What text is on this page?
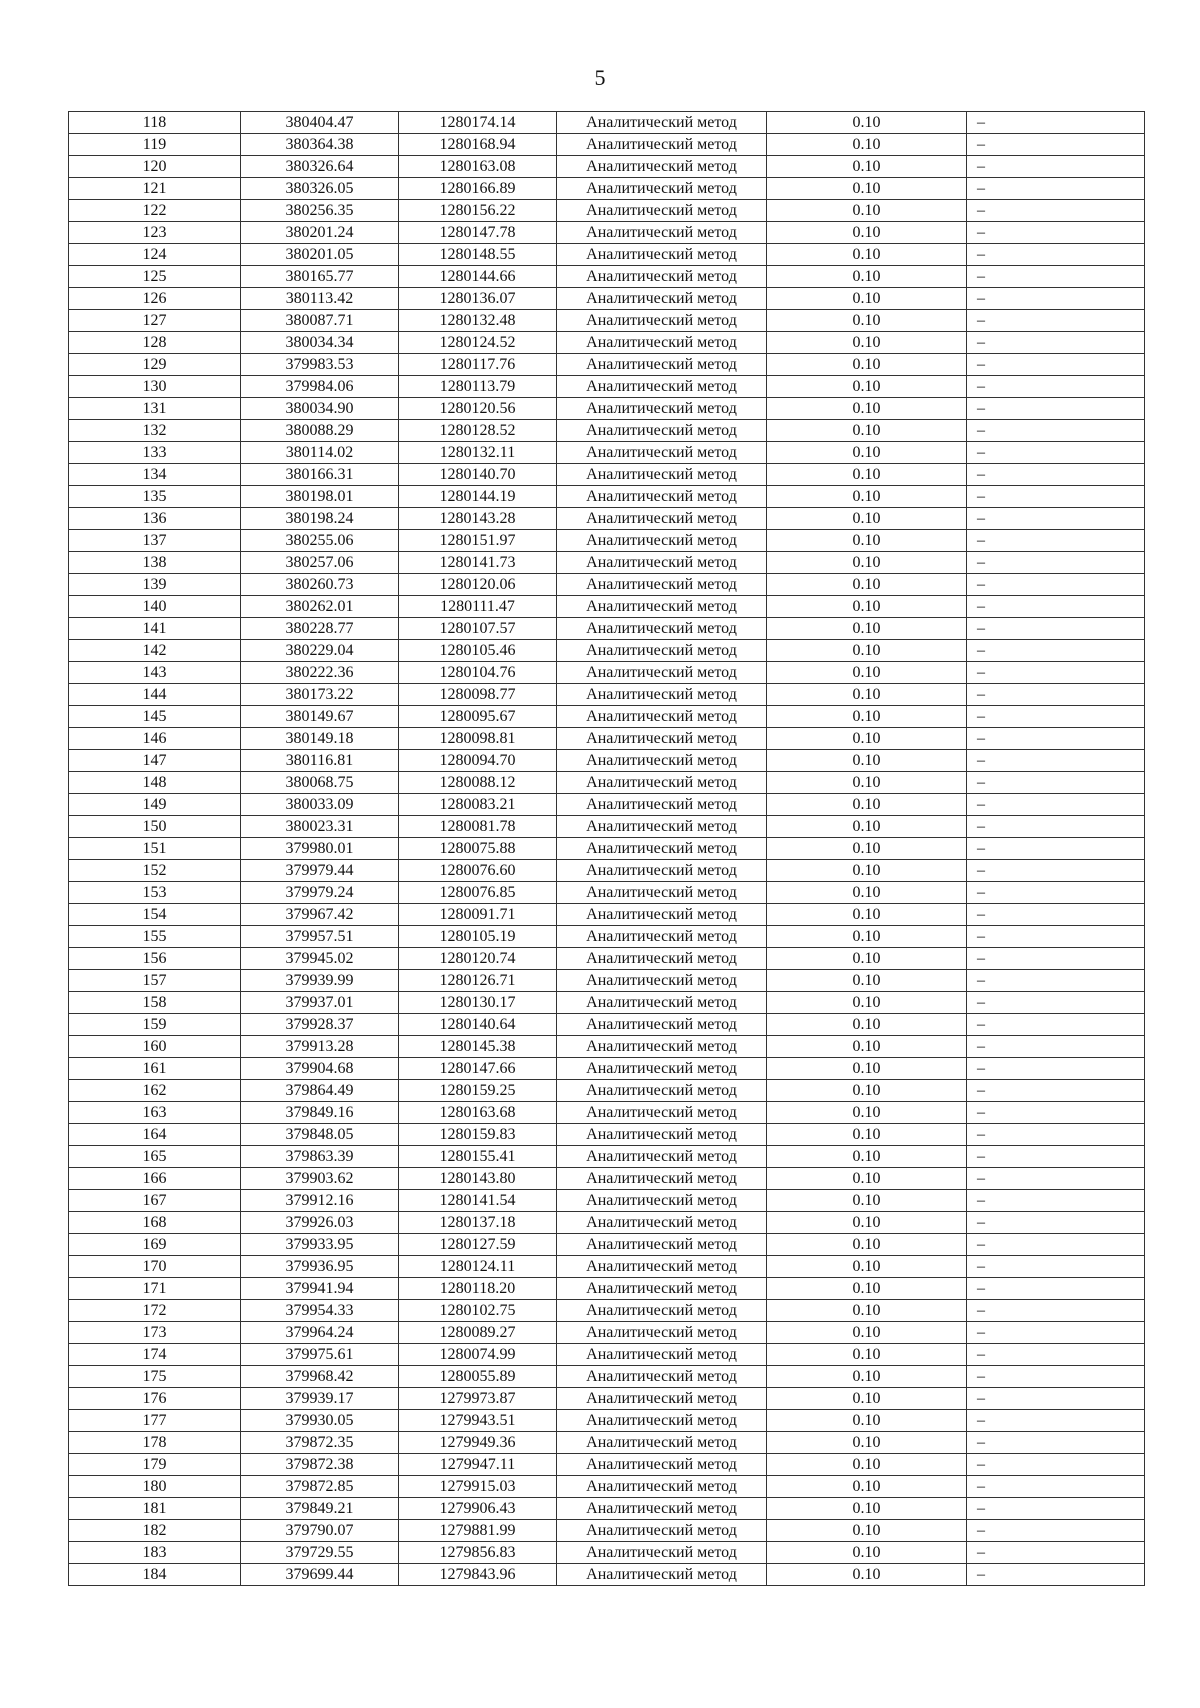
5
118	380404.47	1280174.14	Аналитический метод	0.10	–
119	380364.38	1280168.94	Аналитический метод	0.10	–
120	380326.64	1280163.08	Аналитический метод	0.10	–
121	380326.05	1280166.89	Аналитический метод	0.10	–
122	380256.35	1280156.22	Аналитический метод	0.10	–
123	380201.24	1280147.78	Аналитический метод	0.10	–
124	380201.05	1280148.55	Аналитический метод	0.10	–
125	380165.77	1280144.66	Аналитический метод	0.10	–
126	380113.42	1280136.07	Аналитический метод	0.10	–
127	380087.71	1280132.48	Аналитический метод	0.10	–
128	380034.34	1280124.52	Аналитический метод	0.10	–
129	379983.53	1280117.76	Аналитический метод	0.10	–
130	379984.06	1280113.79	Аналитический метод	0.10	–
131	380034.90	1280120.56	Аналитический метод	0.10	–
132	380088.29	1280128.52	Аналитический метод	0.10	–
133	380114.02	1280132.11	Аналитический метод	0.10	–
134	380166.31	1280140.70	Аналитический метод	0.10	–
135	380198.01	1280144.19	Аналитический метод	0.10	–
136	380198.24	1280143.28	Аналитический метод	0.10	–
137	380255.06	1280151.97	Аналитический метод	0.10	–
138	380257.06	1280141.73	Аналитический метод	0.10	–
139	380260.73	1280120.06	Аналитический метод	0.10	–
140	380262.01	1280111.47	Аналитический метод	0.10	–
141	380228.77	1280107.57	Аналитический метод	0.10	–
142	380229.04	1280105.46	Аналитический метод	0.10	–
143	380222.36	1280104.76	Аналитический метод	0.10	–
144	380173.22	1280098.77	Аналитический метод	0.10	–
145	380149.67	1280095.67	Аналитический метод	0.10	–
146	380149.18	1280098.81	Аналитический метод	0.10	–
147	380116.81	1280094.70	Аналитический метод	0.10	–
148	380068.75	1280088.12	Аналитический метод	0.10	–
149	380033.09	1280083.21	Аналитический метод	0.10	–
150	380023.31	1280081.78	Аналитический метод	0.10	–
151	379980.01	1280075.88	Аналитический метод	0.10	–
152	379979.44	1280076.60	Аналитический метод	0.10	–
153	379979.24	1280076.85	Аналитический метод	0.10	–
154	379967.42	1280091.71	Аналитический метод	0.10	–
155	379957.51	1280105.19	Аналитический метод	0.10	–
156	379945.02	1280120.74	Аналитический метод	0.10	–
157	379939.99	1280126.71	Аналитический метод	0.10	–
158	379937.01	1280130.17	Аналитический метод	0.10	–
159	379928.37	1280140.64	Аналитический метод	0.10	–
160	379913.28	1280145.38	Аналитический метод	0.10	–
161	379904.68	1280147.66	Аналитический метод	0.10	–
162	379864.49	1280159.25	Аналитический метод	0.10	–
163	379849.16	1280163.68	Аналитический метод	0.10	–
164	379848.05	1280159.83	Аналитический метод	0.10	–
165	379863.39	1280155.41	Аналитический метод	0.10	–
166	379903.62	1280143.80	Аналитический метод	0.10	–
167	379912.16	1280141.54	Аналитический метод	0.10	–
168	379926.03	1280137.18	Аналитический метод	0.10	–
169	379933.95	1280127.59	Аналитический метод	0.10	–
170	379936.95	1280124.11	Аналитический метод	0.10	–
171	379941.94	1280118.20	Аналитический метод	0.10	–
172	379954.33	1280102.75	Аналитический метод	0.10	–
173	379964.24	1280089.27	Аналитический метод	0.10	–
174	379975.61	1280074.99	Аналитический метод	0.10	–
175	379968.42	1280055.89	Аналитический метод	0.10	–
176	379939.17	1279973.87	Аналитический метод	0.10	–
177	379930.05	1279943.51	Аналитический метод	0.10	–
178	379872.35	1279949.36	Аналитический метод	0.10	–
179	379872.38	1279947.11	Аналитический метод	0.10	–
180	379872.85	1279915.03	Аналитический метод	0.10	–
181	379849.21	1279906.43	Аналитический метод	0.10	–
182	379790.07	1279881.99	Аналитический метод	0.10	–
183	379729.55	1279856.83	Аналитический метод	0.10	–
184	379699.44	1279843.96	Аналитический метод	0.10	–
